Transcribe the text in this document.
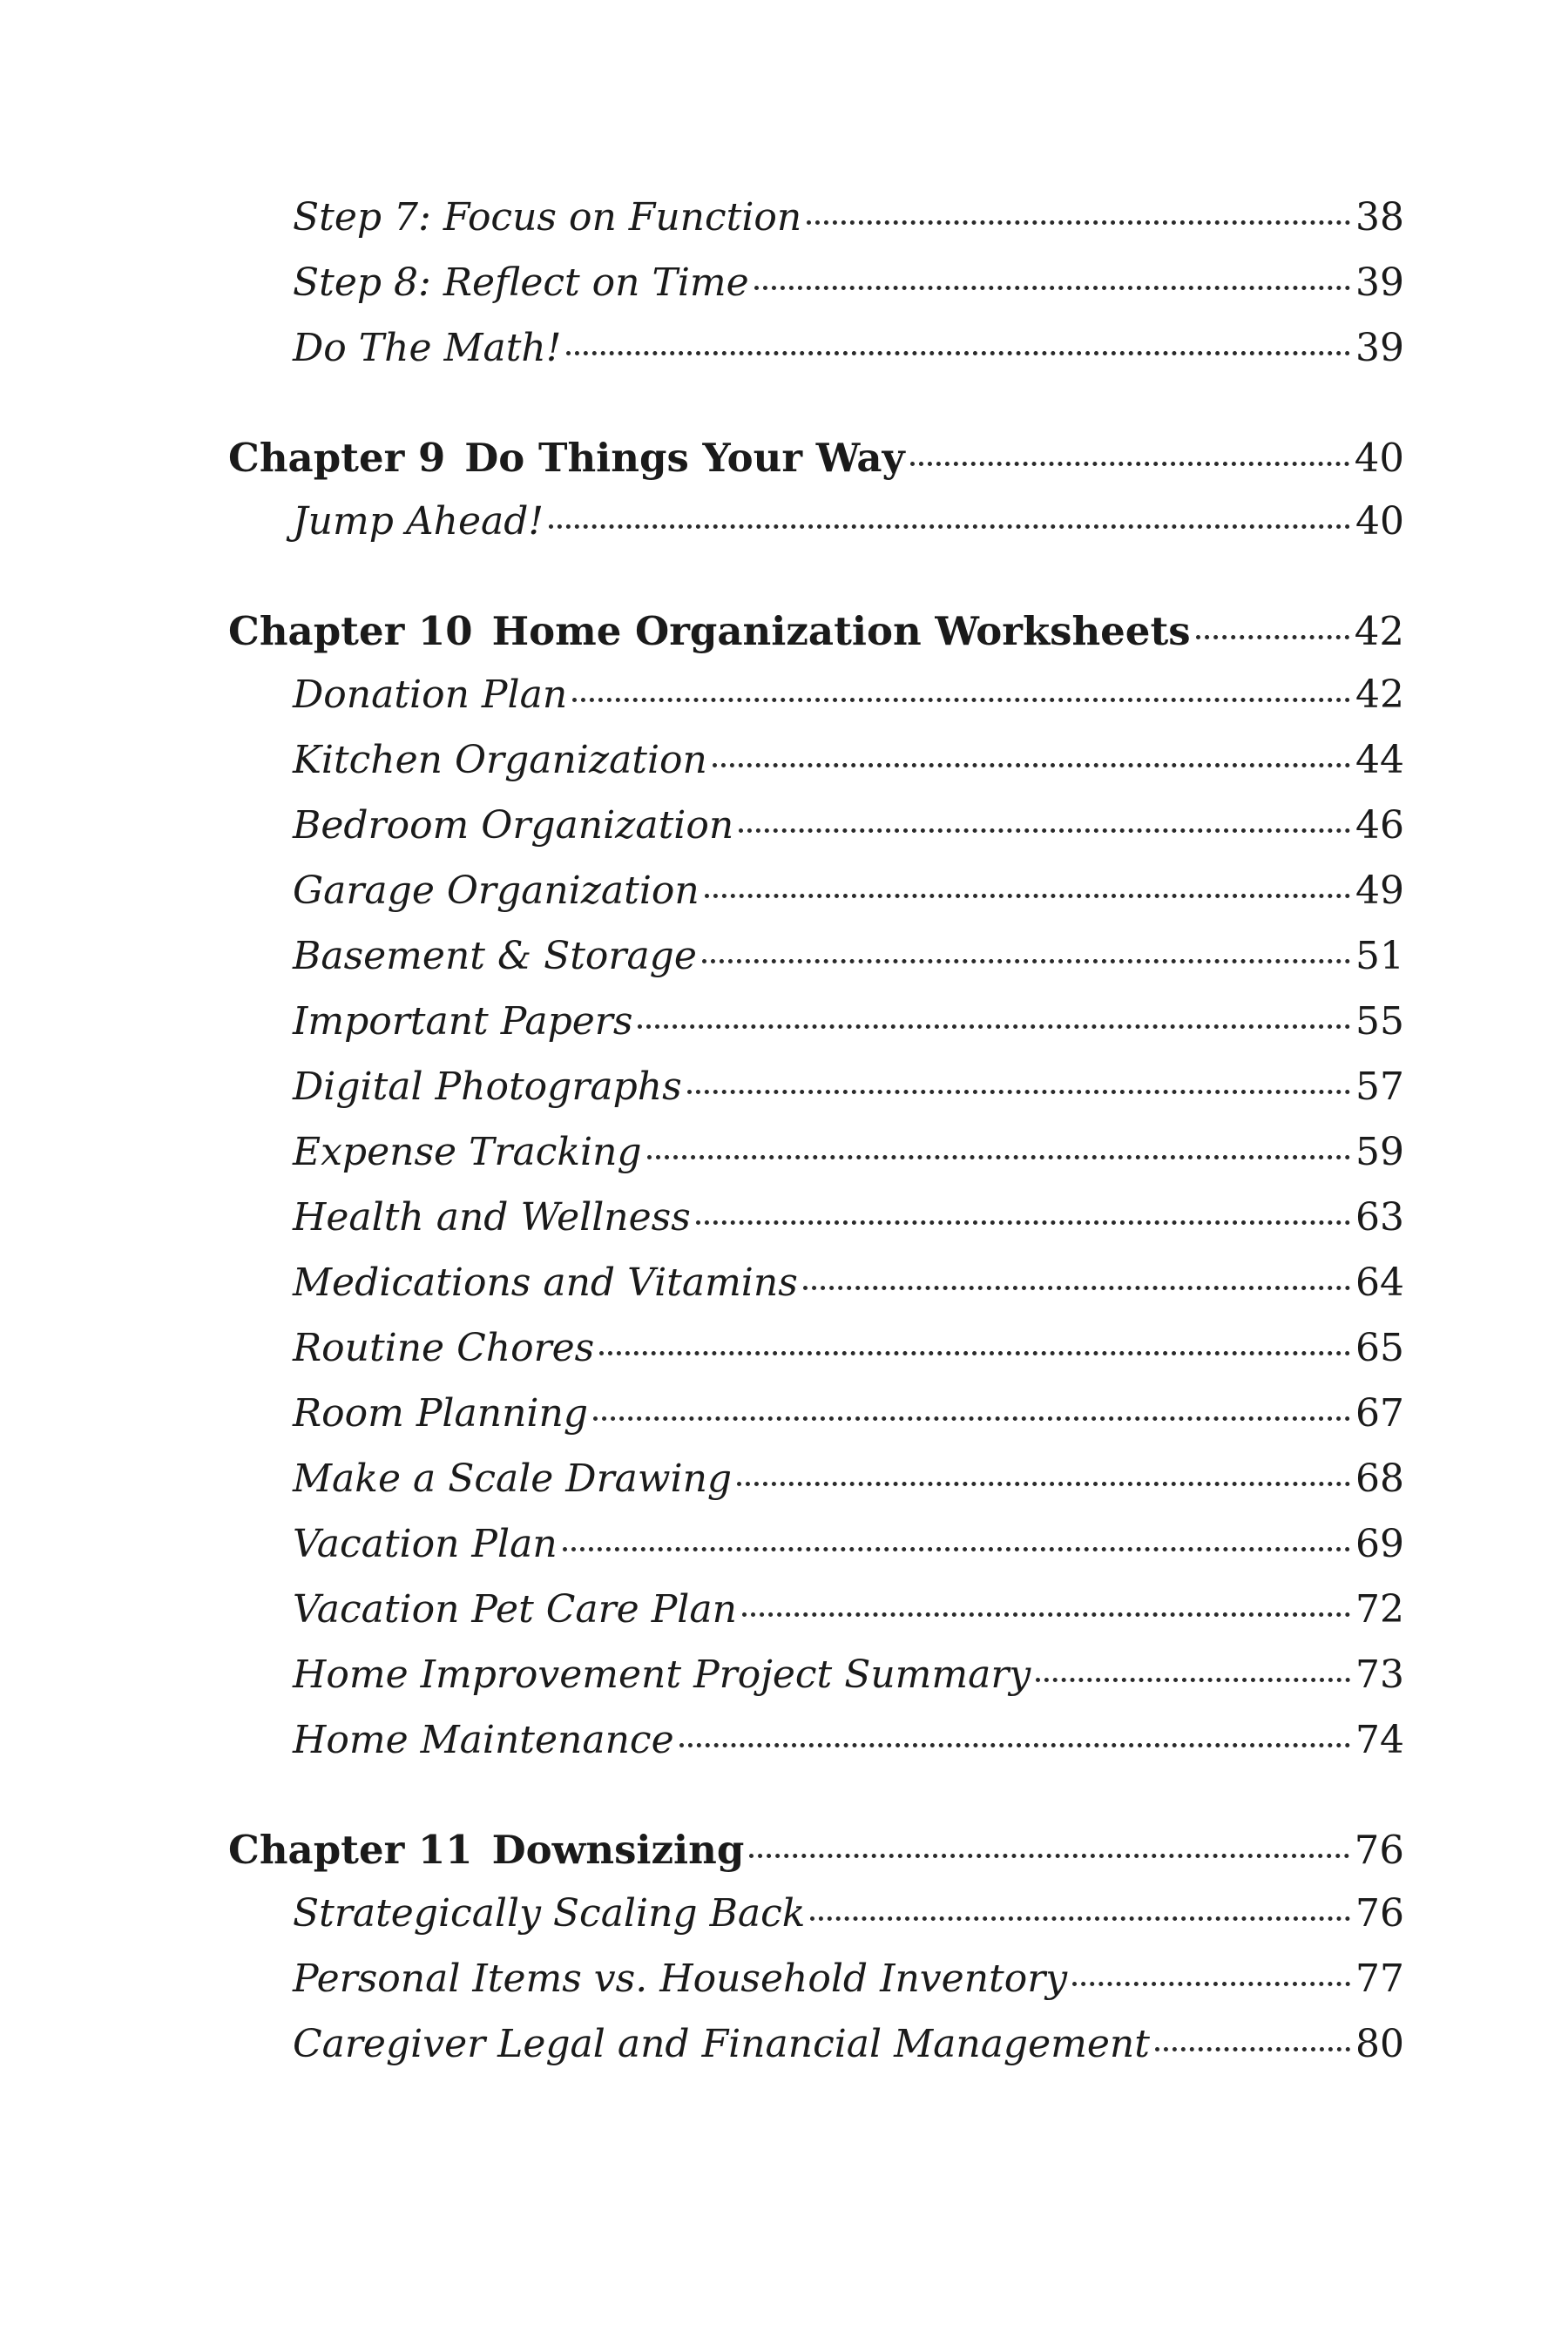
Step 7: Focus on Function	38
Step 8: Reflect on Time	39
Do The Math!	39
Chapter 9 Do Things Your Way	40
Jump Ahead!	40
Chapter 10 Home Organization Worksheets	42
Donation Plan	42
Kitchen Organization	44
Bedroom Organization	46
Garage Organization	49
Basement & Storage	51
Important Papers	55
Digital Photographs	57
Expense Tracking	59
Health and Wellness	63
Medications and Vitamins	64
Routine Chores	65
Room Planning	67
Make a Scale Drawing	68
Vacation Plan	69
Vacation Pet Care Plan	72
Home Improvement Project Summary	73
Home Maintenance	74
Chapter 11 Downsizing	76
Strategically Scaling Back	76
Personal Items vs. Household Inventory	77
Caregiver Legal and Financial Management	80
